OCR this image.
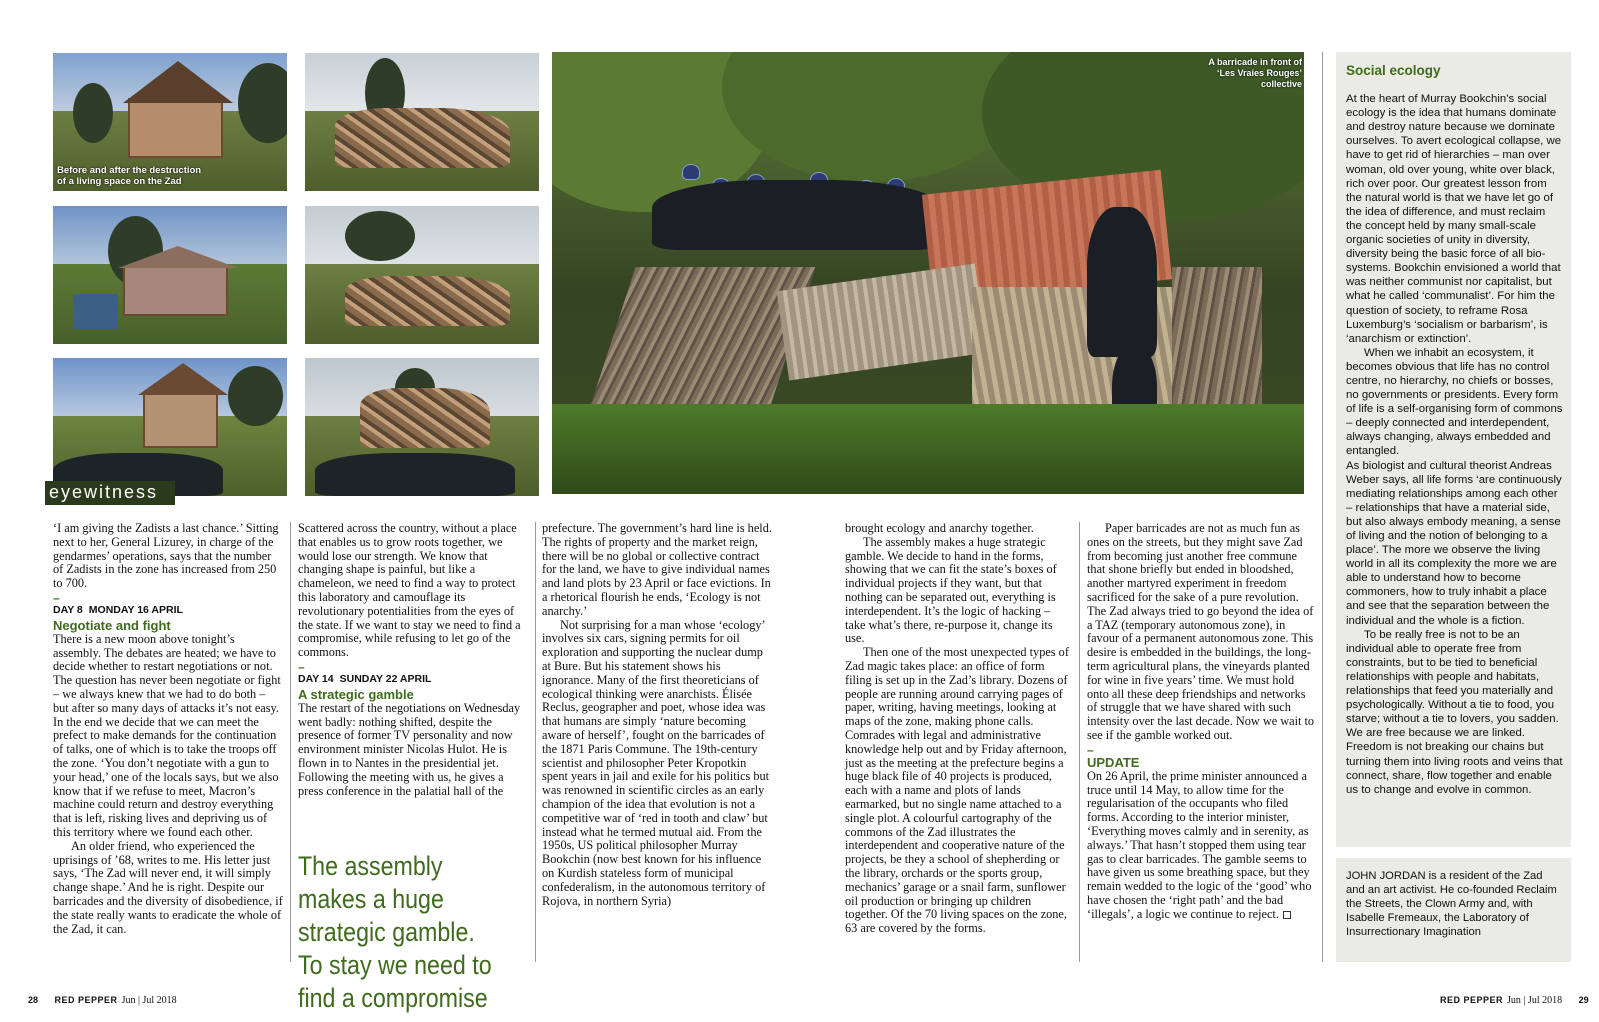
Before and after the destruction of a living space on the Zad
A barricade in front of ‘Les Vraies Rouges’ collective
eyewitness

‘I am giving the Zadists a last chance.’ Sitting next to her, General Lizurey, in charge of the gendarmes’ operations, says that the number of Zadists in the zone has increased from 250 to 700.

–
DAY 8 MONDAY 16 APRIL
Negotiate and fight

There is a new moon above tonight’s assembly. The debates are heated; we have to decide whether to restart negotiations or not. The question has never been negotiate or fight – we always knew that we had to do both – but after so many days of attacks it’s not easy. In the end we decide that we can meet the prefect to make demands for the continuation of talks, one of which is to take the troops off the zone. ‘You don’t negotiate with a gun to your head,’ one of the locals says, but we also know that if we refuse to meet, Macron’s machine could return and destroy everything that is left, risking lives and depriving us of this territory where we found each other.

An older friend, who experienced the uprisings of ’68, writes to me. His letter just says, ‘The Zad will never end, it will simply change shape.’ And he is right. Despite our barricades and the diversity of disobedience, if the state really wants to eradicate the whole of the Zad, it can.

Scattered across the country, without a place that enables us to grow roots together, we would lose our strength. We know that changing shape is painful, but like a chameleon, we need to find a way to protect this laboratory and camouflage its revolutionary potentialities from the eyes of the state. If we want to stay we need to find a compromise, while refusing to let go of the commons.

–
DAY 14 SUNDAY 22 APRIL
A strategic gamble

The restart of the negotiations on Wednesday went badly: nothing shifted, despite the presence of former TV personality and now environment minister Nicolas Hulot. He is flown in to Nantes in the presidential jet. Following the meeting with us, he gives a press conference in the palatial hall of the

The assembly makes a huge strategic gamble. To stay we need to find a compromise

prefecture. The government’s hard line is held. The rights of property and the market reign, there will be no global or collective contract for the land, we have to give individual names and land plots by 23 April or face evictions. In a rhetorical flourish he ends, ‘Ecology is not anarchy.’

Not surprising for a man whose ‘ecology’ involves six cars, signing permits for oil exploration and supporting the nuclear dump at Bure. But his statement shows his ignorance. Many of the first theoreticians of ecological thinking were anarchists. Élisée Reclus, geographer and poet, whose idea was that humans are simply ‘nature becoming aware of herself’, fought on the barricades of the 1871 Paris Commune. The 19th-century scientist and philosopher Peter Kropotkin spent years in jail and exile for his politics but was renowned in scientific circles as an early champion of the idea that evolution is not a competitive war of ‘red in tooth and claw’ but instead what he termed mutual aid. From the 1950s, US political philosopher Murray Bookchin (now best known for his influence on Kurdish stateless form of municipal confederalism, in the autonomous territory of Rojova, in northern Syria)

brought ecology and anarchy together.

The assembly makes a huge strategic gamble. We decide to hand in the forms, showing that we can fit the state’s boxes of individual projects if they want, but that nothing can be separated out, everything is interdependent. It’s the logic of hacking – take what’s there, re-purpose it, change its use.

Then one of the most unexpected types of Zad magic takes place: an office of form filing is set up in the Zad’s library. Dozens of people are running around carrying pages of paper, writing, having meetings, looking at maps of the zone, making phone calls. Comrades with legal and administrative knowledge help out and by Friday afternoon, just as the meeting at the prefecture begins a huge black file of 40 projects is produced, each with a name and plots of lands earmarked, but no single name attached to a single plot. A colourful cartography of the commons of the Zad illustrates the interdependent and cooperative nature of the projects, be they a school of shepherding or the library, orchards or the sports group, mechanics’ garage or a snail farm, sunflower oil production or bringing up children together. Of the 70 living spaces on the zone, 63 are covered by the forms.

Paper barricades are not as much fun as ones on the streets, but they might save Zad from becoming just another free commune that shone briefly but ended in bloodshed, another martyred experiment in freedom sacrificed for the sake of a pure revolution. The Zad always tried to go beyond the idea of a TAZ (temporary autonomous zone), in favour of a permanent autonomous zone. This desire is embedded in the buildings, the long-term agricultural plans, the vineyards planted for wine in five years’ time. We must hold onto all these deep friendships and networks of struggle that we have shared with such intensity over the last decade. Now we wait to see if the gamble worked out.

–
UPDATE

On 26 April, the prime minister announced a truce until 14 May, to allow time for the regularisation of the occupants who filed forms. According to the interior minister, ‘Everything moves calmly and in serenity, as always.’ That hasn’t stopped them using tear gas to clear barricades. The gamble seems to have given us some breathing space, but they remain wedded to the logic of the ‘good’ who have chosen the ‘right path’ and the bad ‘illegals’, a logic we continue to reject.

Social ecology

At the heart of Murray Bookchin’s social ecology is the idea that humans dominate and destroy nature because we dominate ourselves. To avert ecological collapse, we have to get rid of hierarchies – man over woman, old over young, white over black, rich over poor. Our greatest lesson from the natural world is that we have let go of the idea of difference, and must reclaim the concept held by many small-scale organic societies of unity in diversity, diversity being the basic force of all bio-systems. Bookchin envisioned a world that was neither communist nor capitalist, but what he called ‘communalist’. For him the question of society, to reframe Rosa Luxemburg’s ‘socialism or barbarism’, is ‘anarchism or extinction’.

When we inhabit an ecosystem, it becomes obvious that life has no control centre, no hierarchy, no chiefs or bosses, no governments or presidents. Every form of life is a self-organising form of commons – deeply connected and interdependent, always changing, always embedded and entangled.

As biologist and cultural theorist Andreas Weber says, all life forms ‘are continuously mediating relationships among each other – relationships that have a material side, but also always embody meaning, a sense of living and the notion of belonging to a place’. The more we observe the living world in all its complexity the more we are able to understand how to become commoners, how to truly inhabit a place and see that the separation between the individual and the whole is a fiction.

To be really free is not to be an individual able to operate free from constraints, but to be tied to beneficial relationships with people and habitats, relationships that feed you materially and psychologically. Without a tie to food, you starve; without a tie to lovers, you sadden. We are free because we are linked. Freedom is not breaking our chains but turning them into living roots and veins that connect, share, flow together and enable us to change and evolve in common.

JOHN JORDAN is a resident of the Zad and an art activist. He co-founded Reclaim the Streets, the Clown Army and, with Isabelle Fremeaux, the Laboratory of Insurrectionary Imagination
28 RED PEPPER Jun | Jul 2018	RED PEPPER Jun | Jul 2018 29
